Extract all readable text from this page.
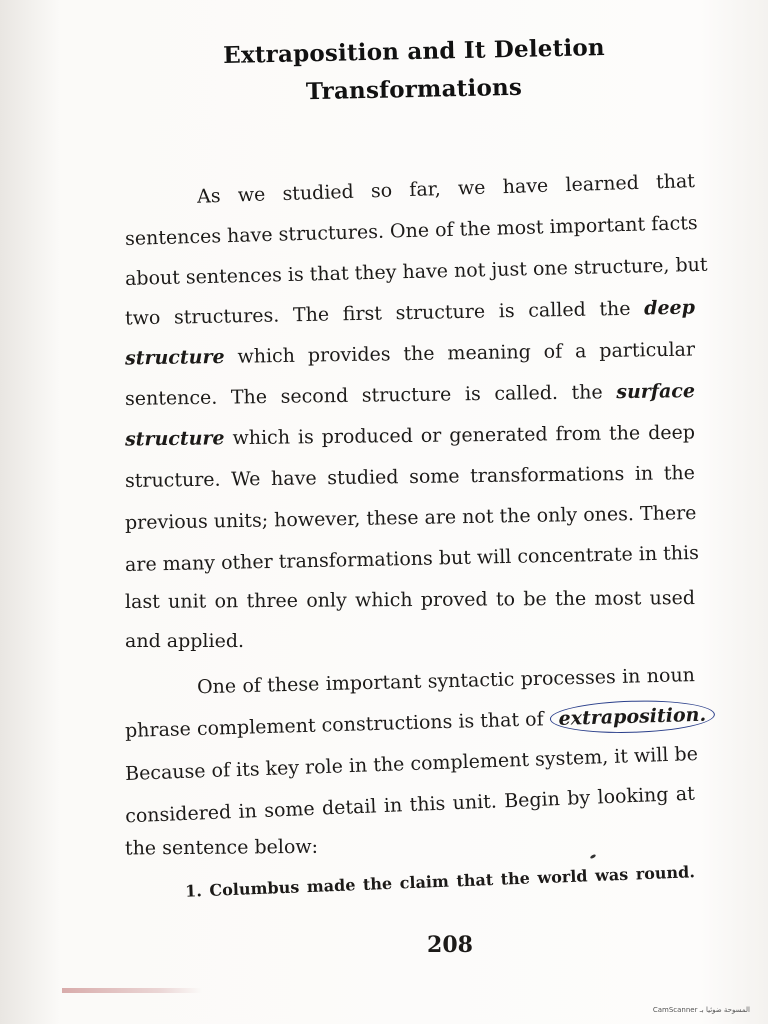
Extraposition and It Deletion
Transformations
As we studied so far, we have learned that
sentences have structures. One of the most important facts
about sentences is that they have not just one structure, but
two structures. The first structure is called the deep
structure which provides the meaning of a particular
sentence. The second structure is called. the surface
structure which is produced or generated from the deep
structure. We have studied some transformations in the
previous units; however, these are not the only ones. There
are many other transformations but will concentrate in this
last unit on three only which proved to be the most used
and applied.
One of these important syntactic processes in noun
phrase complement constructions is that of extraposition.
Because of its key role in the complement system, it will be
considered in some detail in this unit. Begin by looking at
the sentence below:
1. Columbus made the claim that the world was round.
208
CamScanner المسوحة ضوئيا بـ
